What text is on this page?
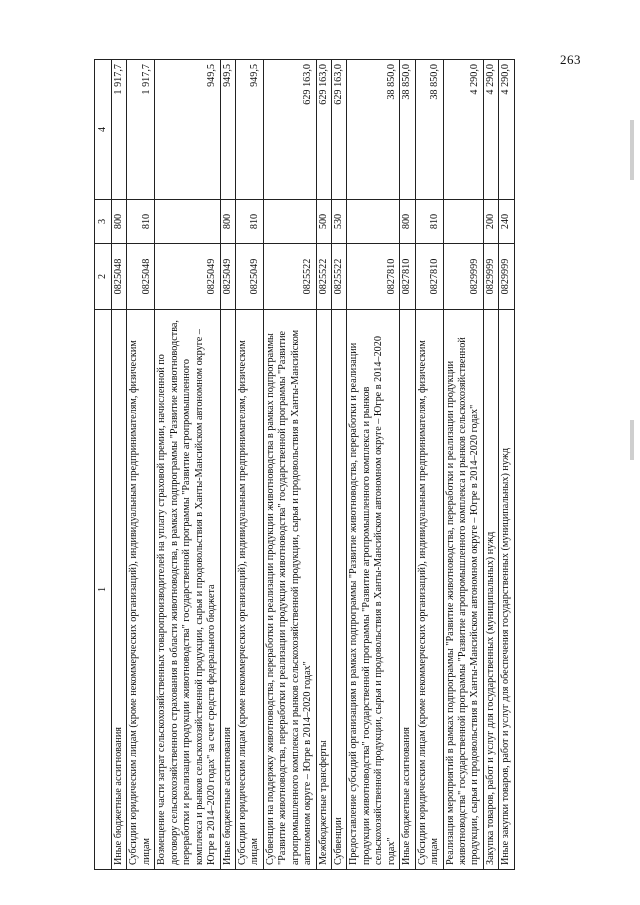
263
1	2	3	4
Иные бюджетные ассигнования	0825048	800	1 917,7
Субсидии юридическим лицам (кроме некоммерческих организаций), индивидуальным предпринимателям, физическим лицам	0825048	810	1 917,7
Возмещение части затрат сельскохозяйственных товаропроизводителей на уплату страховой премии, начисленной по договору сельскохозяйственного страхования в области животноводства, в рамках подпрограммы "Развитие животноводства, переработки и реализации продукции животноводства" государственной программы "Развитие агропромышленного комплекса и рынков сельскохозяйственной продукции, сырья и продовольствия в Ханты-Мансийском автономном округе – Югре в 2014–2020 годах" за счет средств федерального бюджета	0825049		949,5
Иные бюджетные ассигнования	0825049	800	949,5
Субсидии юридическим лицам (кроме некоммерческих организаций), индивидуальным предпринимателям, физическим лицам	0825049	810	949,5
Субвенции на поддержку животноводства, переработки и реализации продукции животноводства в рамках подпрограммы "Развитие животноводства, переработки и реализации продукции животноводства" государственной программы "Развитие агропромышленного комплекса и рынков сельскохозяйственной продукции, сырья и продовольствия в Ханты-Мансийском автономном округе – Югре в 2014–2020 годах"	0825522		629 163,0
Межбюджетные трансферты	0825522	500	629 163,0
Субвенции	0825522	530	629 163,0
Предоставление субсидий организациям в рамках подпрограммы "Развитие животноводства, переработки и реализации продукции животноводства" государственной программы "Развитие агропромышленного комплекса и рынков сельскохозяйственной продукции, сырья и продовольствия в Ханты-Мансийском автономном округе – Югре в 2014–2020 годах"	0827810		38 850,0
Иные бюджетные ассигнования	0827810	800	38 850,0
Субсидии юридическим лицам (кроме некоммерческих организаций), индивидуальным предпринимателям, физическим лицам	0827810	810	38 850,0
Реализация мероприятий в рамках подпрограммы "Развитие животноводства, переработки и реализации продукции животноводства" государственной программы "Развитие агропромышленного комплекса и рынков сельскохозяйственной продукции, сырья и продовольствия в Ханты-Мансийском автономном округе – Югре в 2014–2020 годах"	0829999		4 290,0
Закупка товаров, работ и услуг для государственных (муниципальных) нужд	0829999	200	4 290,0
Иные закупки товаров, работ и услуг для обеспечения государственных (муниципальных) нужд	0829999	240	4 290,0
